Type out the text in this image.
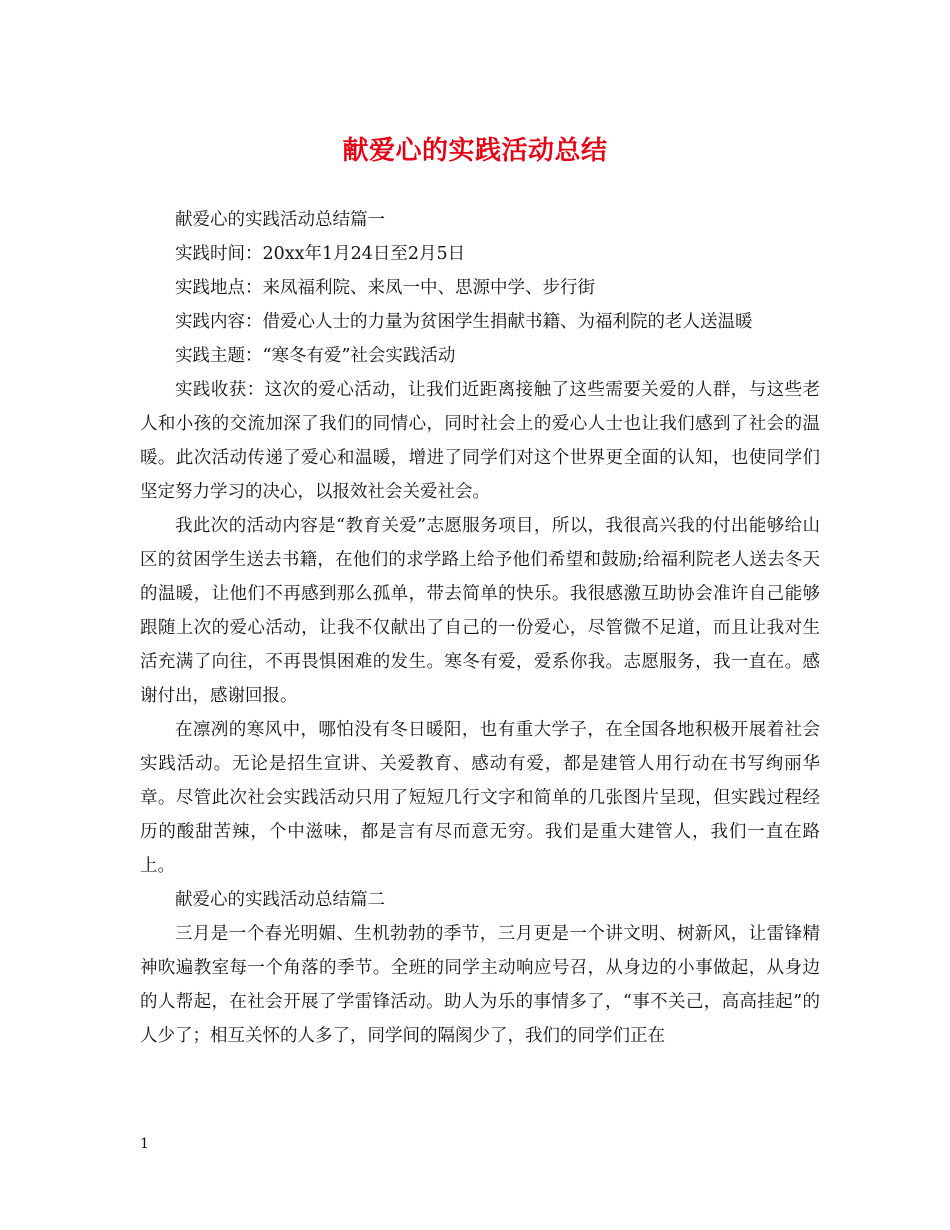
献爱心的实践活动总结

献爱心的实践活动总结篇一

实践时间：20xx年1月24日至2月5日

实践地点：来凤福利院、来凤一中、思源中学、步行街

实践内容：借爱心人士的力量为贫困学生捐献书籍、为福利院的老人送温暖

实践主题：“寒冬有爱”社会实践活动

实践收获：这次的爱心活动，让我们近距离接触了这些需要关爱的人群，与这些老人和小孩的交流加深了我们的同情心，同时社会上的爱心人士也让我们感到了社会的温暖。此次活动传递了爱心和温暖，增进了同学们对这个世界更全面的认知，也使同学们坚定努力学习的决心，以报效社会关爱社会。

我此次的活动内容是“教育关爱”志愿服务项目，所以，我很高兴我的付出能够给山区的贫困学生送去书籍，在他们的求学路上给予他们希望和鼓励;给福利院老人送去冬天的温暖，让他们不再感到那么孤单，带去简单的快乐。我很感激互助协会准许自己能够跟随上次的爱心活动，让我不仅献出了自己的一份爱心，尽管微不足道，而且让我对生活充满了向往，不再畏惧困难的发生。寒冬有爱，爱系你我。志愿服务，我一直在。感谢付出，感谢回报。

在凛冽的寒风中，哪怕没有冬日暖阳，也有重大学子，在全国各地积极开展着社会实践活动。无论是招生宣讲、关爱教育、感动有爱，都是建管人用行动在书写绚丽华章。尽管此次社会实践活动只用了短短几行文字和简单的几张图片呈现，但实践过程经历的酸甜苦辣，个中滋味，都是言有尽而意无穷。我们是重大建管人，我们一直在路上。

献爱心的实践活动总结篇二

三月是一个春光明媚、生机勃勃的季节，三月更是一个讲文明、树新风，让雷锋精神吹遍教室每一个角落的季节。全班的同学主动响应号召，从身边的小事做起，从身边的人帮起，在社会开展了学雷锋活动。助人为乐的事情多了，“事不关己，高高挂起”的人少了；相互关怀的人多了，同学间的隔阂少了，我们的同学们正在

1
